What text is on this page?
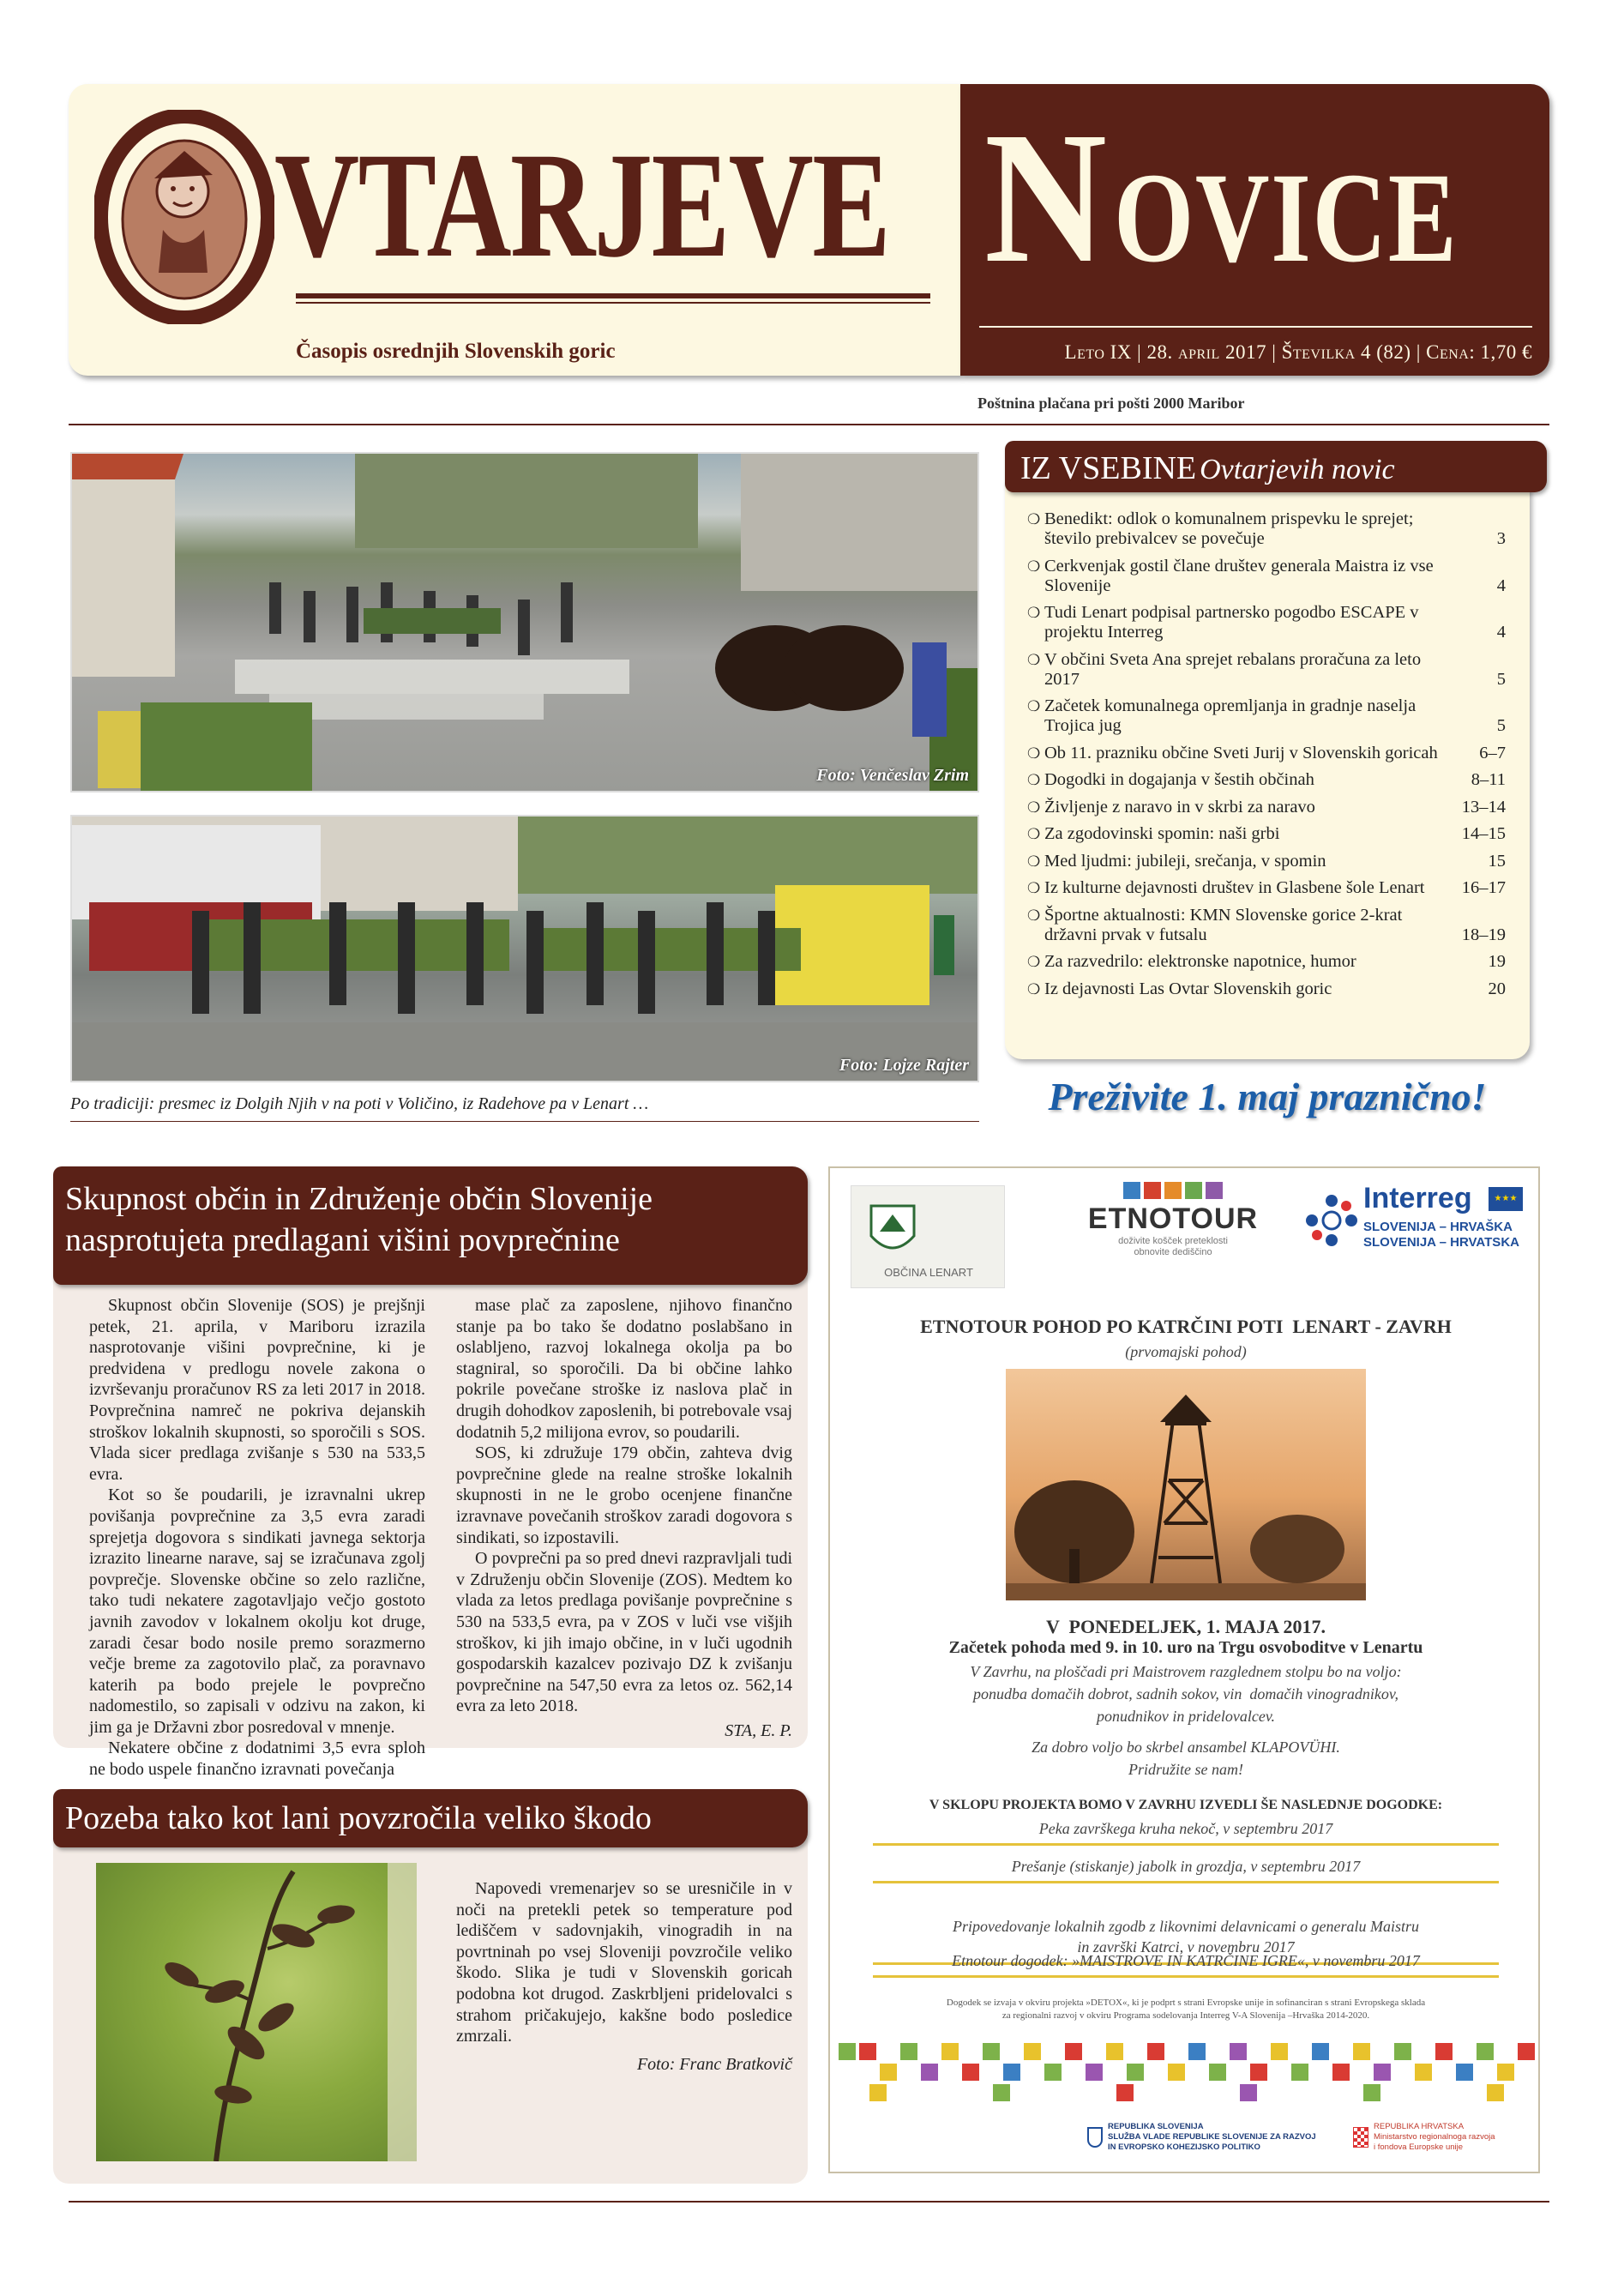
VTARJEVE
Časopis osrednjih Slovenskih goric
NOVICE
Leto IX | 28. april 2017 | Številka 4 (82) | Cena: 1,70 €
Poštnina plačana pri pošti 2000 Maribor
Foto: Venčeslav Zrim
Foto: Lojze Rajter
Po tradiciji: presmec iz Dolgih Njih v na poti v Voličino, iz Radehove pa v Lenart …
IZ VSEBINE Ovtarjevih novic
❍ Benedikt: odlok o komunalnem prispevku le sprejet; število prebivalcev se povečuje	3
❍ Cerkvenjak gostil člane društev generala Maistra iz vse Slovenije	4
❍ Tudi Lenart podpisal partnersko pogodbo ESCAPE v projektu Interreg	4
❍ V občini Sveta Ana sprejet rebalans proračuna za leto 2017	5
❍ Začetek komunalnega opremljanja in gradnje naselja Trojica jug	5
❍ Ob 11. prazniku občine Sveti Jurij v Slovenskih goricah	6–7
❍ Dogodki in dogajanja v šestih občinah	8–11
❍ Življenje z naravo in v skrbi za naravo	13–14
❍ Za zgodovinski spomin: naši grbi	14–15
❍ Med ljudmi: jubileji, srečanja, v spomin	15
❍ Iz kulturne dejavnosti društev in Glasbene šole Lenart	16–17
❍ Športne aktualnosti: KMN Slovenske gorice 2-krat državni prvak v futsalu	18–19
❍ Za razvedrilo: elektronske napotnice, humor	19
❍ Iz dejavnosti Las Ovtar Slovenskih goric	20
Preživite 1. maj praznično!
Skupnost občin in Združenje občin Slovenije
nasprotujeta predlagani višini povprečnine

Skupnost občin Slovenije (SOS) je prejšnji petek, 21. aprila, v Mariboru izrazila nasprotovanje višini povprečnine, ki je predvidena v predlogu novele zakona o izvrševanju proračunov RS za leti 2017 in 2018. Povprečnina namreč ne pokriva dejanskih stroškov lokalnih skupnosti, so sporočili s SOS. Vlada sicer predlaga zvišanje s 530 na 533,5 evra.

Kot so še poudarili, je izravnalni ukrep povišanja povprečnine za 3,5 evra zaradi sprejetja dogovora s sindikati javnega sektorja izrazito linearne narave, saj se izračunava zgolj povprečje. Slovenske občine so zelo različne, tako tudi nekatere zagotavljajo večjo gostoto javnih zavodov v lokalnem okolju kot druge, zaradi česar bodo nosile premo sorazmerno večje breme za zagotovilo plač, za poravnavo katerih pa bodo prejele le povprečno nadomestilo, so zapisali v odzivu na zakon, ki jim ga je Državni zbor posredoval v mnenje.

Nekatere občine z dodatnimi 3,5 evra sploh ne bodo uspele finančno izravnati povečanja

mase plač za zaposlene, njihovo finančno stanje pa bo tako še dodatno poslabšano in oslabljeno, razvoj lokalnega okolja pa bo stagniral, so sporočili. Da bi občine lahko pokrile povečane stroške iz naslova plač in drugih dohodkov zaposlenih, bi potrebovale vsaj dodatnih 5,2 milijona evrov, so poudarili.

SOS, ki združuje 179 občin, zahteva dvig povprečnine glede na realne stroške lokalnih skupnosti in ne le grobo ocenjene finančne izravnave povečanih stroškov zaradi dogovora s sindikati, so izpostavili.

O povprečni pa so pred dnevi razpravljali tudi v Združenju občin Slovenije (ZOS). Medtem ko vlada za letos predlaga povišanje povprečnine s 530 na 533,5 evra, pa v ZOS v luči vse višjih stroškov, ki jih imajo občine, in v luči ugodnih gospodarskih kazalcev pozivajo DZ k zvišanju povprečnine na 547,50 evra za letos oz. 562,14 evra za leto 2018.

STA, E. P.
Pozeba tako kot lani povzročila veliko škodo

Napovedi vremenarjev so se uresničile in v noči na pretekli petek so temperature pod lediščem v sadovnjakih, vinogradih in na povrtninah po vsej Sloveniji povzročile veliko škodo. Slika je tudi v Slovenskih goricah podobna kot drugod. Zaskrbljeni pridelovalci s strahom pričakujejo, kakšne bodo posledice zmrzali.

Foto: Franc Bratkovič
OBČINA LENART
ETNOTOUR
doživite košček preteklosti
obnovite dediščino
Interreg	★★★
SLOVENIJA – HRVAŠKA
SLOVENIJA – HRVATSKA
ETNOTOUR POHOD PO KATRČINI POTI  LENART - ZAVRH
(prvomajski pohod)
V  PONEDELJEK, 1. MAJA 2017.
Začetek pohoda med 9. in 10. uro na Trgu osvoboditve v Lenartu
V Zavrhu, na ploščadi pri Maistrovem razglednem stolpu bo na voljo:
ponudba domačih dobrot, sadnih sokov, vin  domačih vinogradnikov,
ponudnikov in pridelovalcev.
Za dobro voljo bo skrbel ansambel KLAPOVÜHI.
Pridružite se nam!
V SKLOPU PROJEKTA BOMO V ZAVRHU IZVEDLI ŠE NASLEDNJE DOGODKE:
Peka završkega kruha nekoč, v septembru 2017
Prešanje (stiskanje) jabolk in grozdja, v septembru 2017

Pripovedovanje lokalnih zgodb z likovnimi delavnicami o generalu Maistru
in završki Katrci, v novembru 2017

Etnotour dogodek: »MAISTROVE IN KATRČINE IGRE«, v novembru 2017
Dogodek se izvaja v okviru projekta »DETOX«, ki je podprt s strani Evropske unije in sofinanciran s strani Evropskega sklada
za regionalni razvoj v okviru Programa sodelovanja Interreg V-A Slovenija –Hrvaška 2014-2020.
REPUBLIKA SLOVENIJA
SLUŽBA VLADE REPUBLIKE SLOVENIJE ZA RAZVOJ
IN EVROPSKO KOHEZIJSKO POLITIKO
REPUBLIKA HRVATSKA
Ministarstvo regionalnoga razvoja
i fondova Europske unije
